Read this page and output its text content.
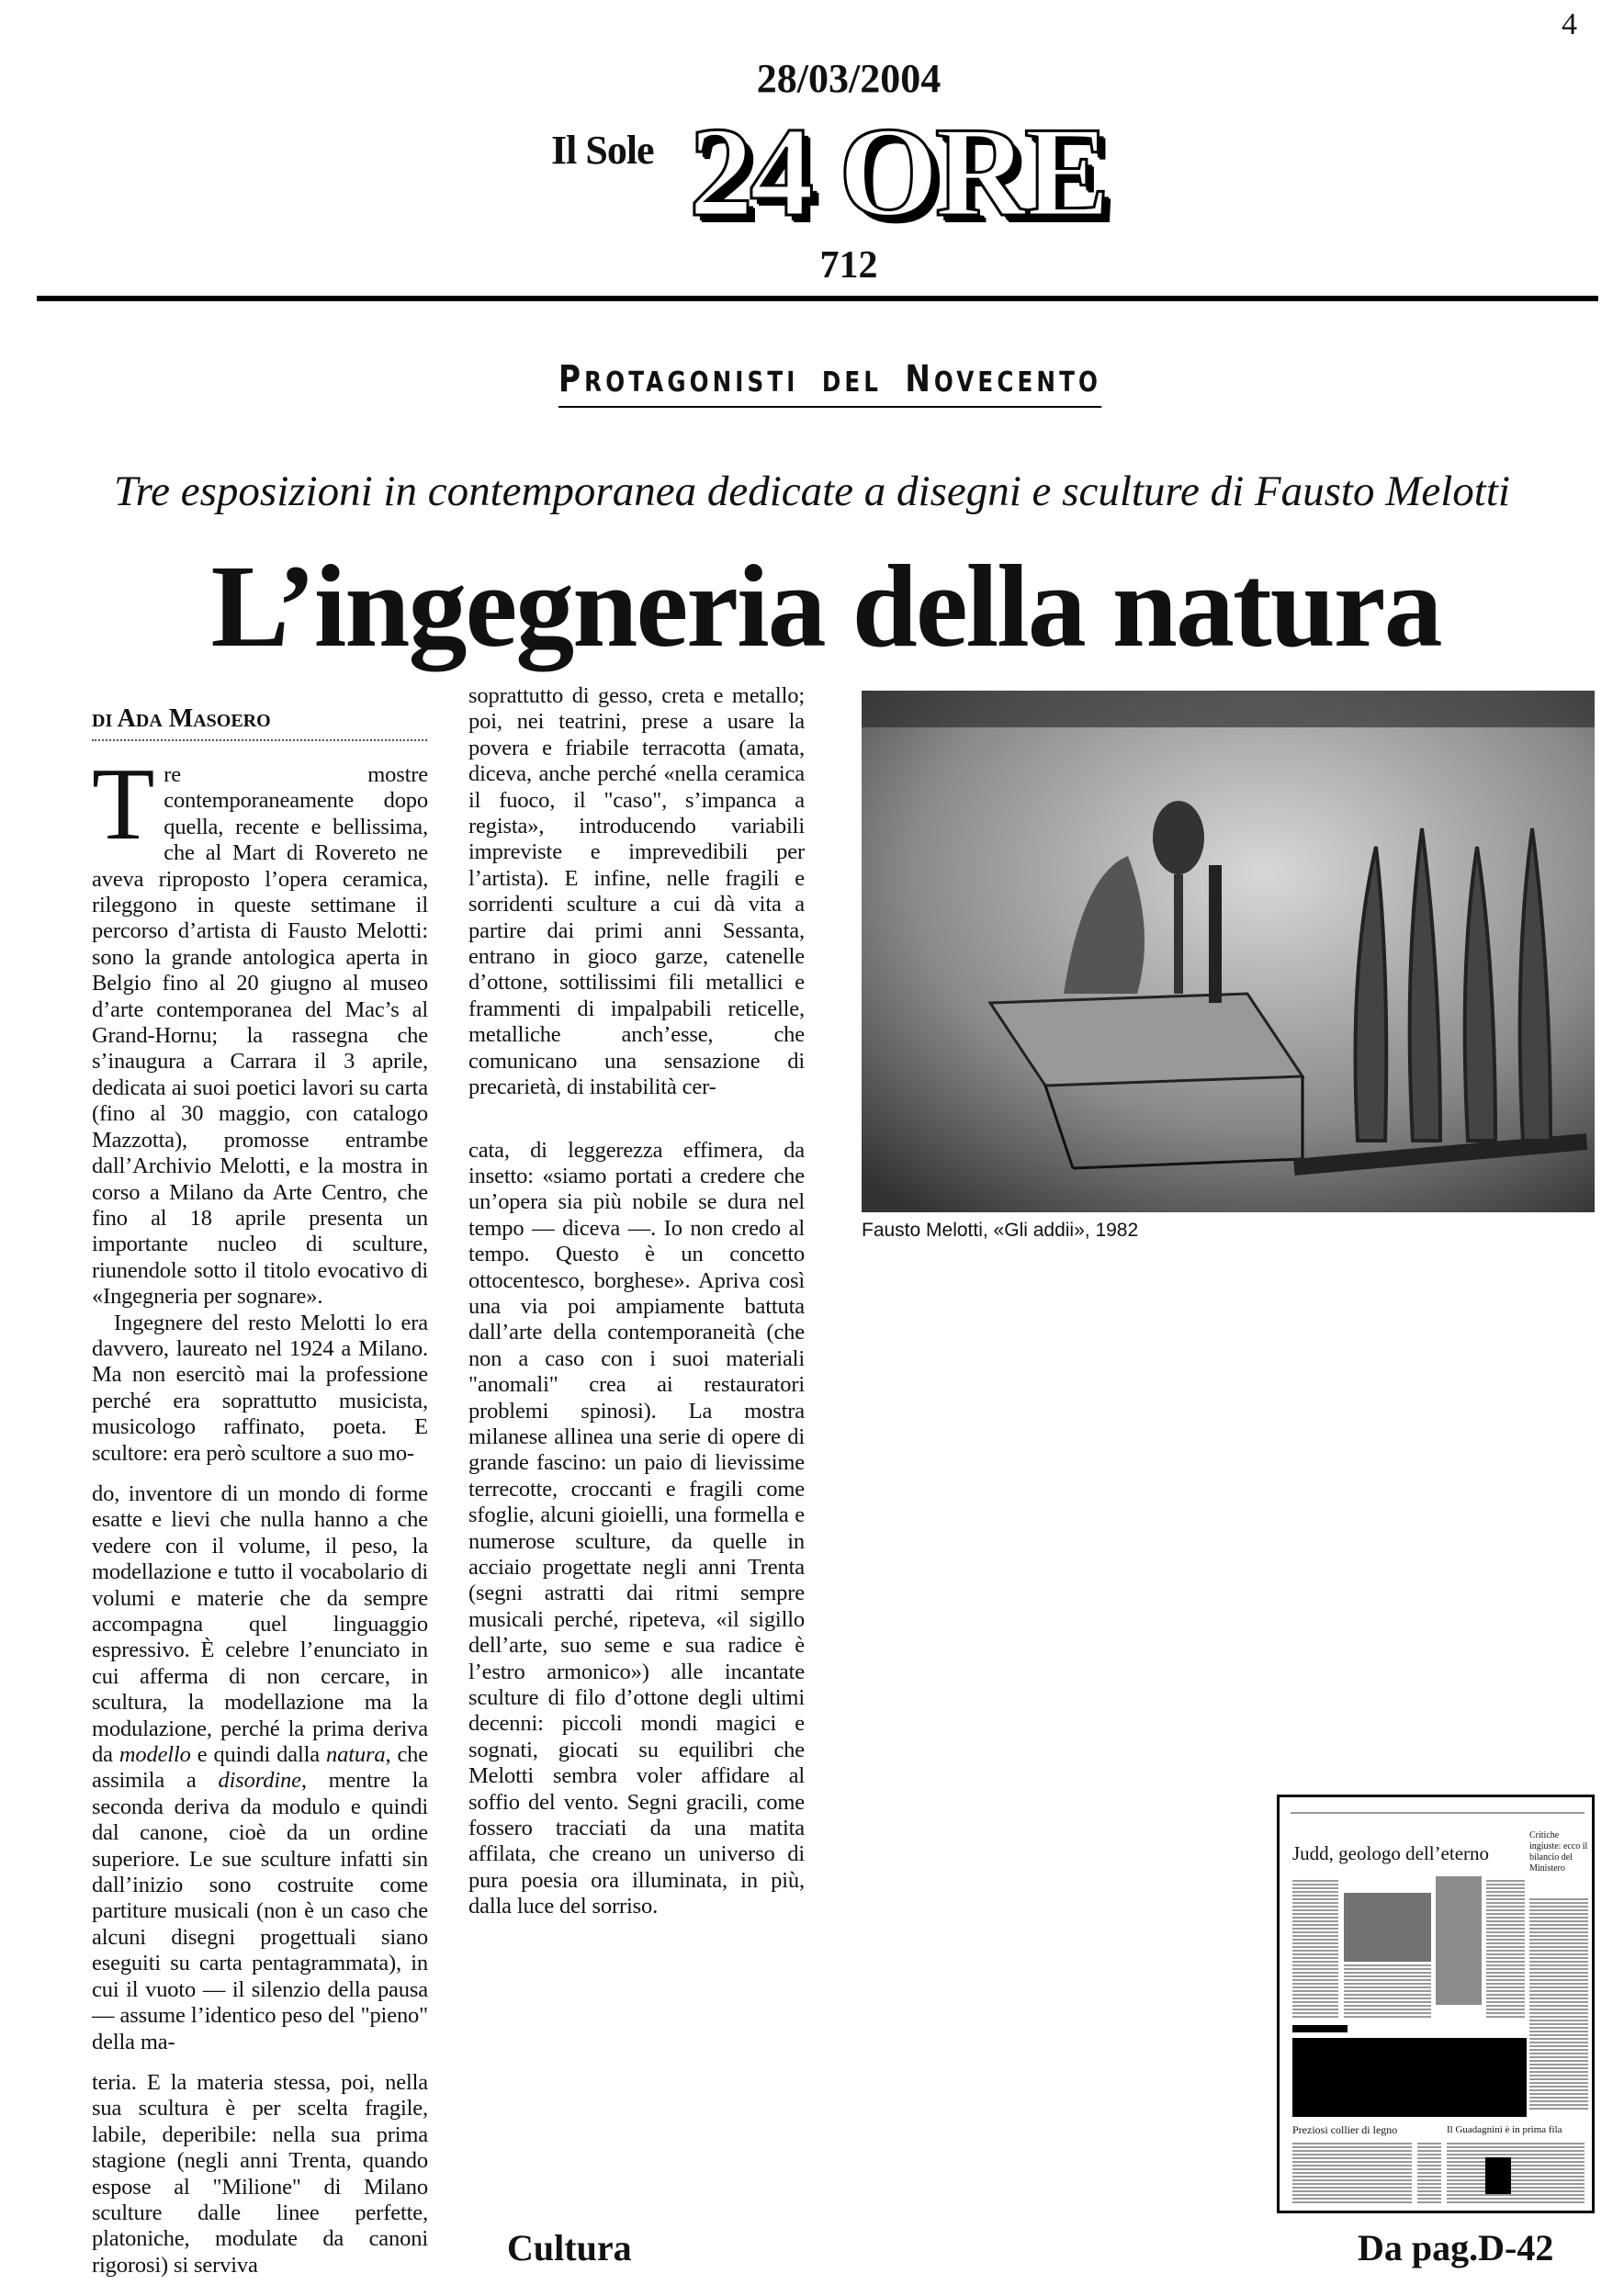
4
28/03/2004
Il Sole 24 ORE
712
PROTAGONISTI DEL NOVECENTO
Tre esposizioni in contemporanea dedicate a disegni e sculture di Fausto Melotti
L’ingegneria della natura
di Ada Masoero

Tre mostre contemporaneamente dopo quella, recente e bellissima, che al Mart di Rovereto ne aveva riproposto l’opera ceramica, rileggono in queste settimane il percorso d’artista di Fausto Melotti: sono la grande antologica aperta in Belgio fino al 20 giugno al museo d’arte contemporanea del Mac’s al Grand-Hornu; la rassegna che s’inaugura a Carrara il 3 aprile, dedicata ai suoi poetici lavori su carta (fino al 30 maggio, con catalogo Mazzotta), promosse entrambe dall’Archivio Melotti, e la mostra in corso a Milano da Arte Centro, che fino al 18 aprile presenta un importante nucleo di sculture, riunendole sotto il titolo evocativo di «Ingegneria per sognare».

Ingegnere del resto Melotti lo era davvero, laureato nel 1924 a Milano. Ma non esercitò mai la professione perché era soprattutto musicista, musicologo raffinato, poeta. E scultore: era però scultore a suo mo-

do, inventore di un mondo di forme esatte e lievi che nulla hanno a che vedere con il volume, il peso, la modellazione e tutto il vocabolario di volumi e materie che da sempre accompagna quel linguaggio espressivo. È celebre l’enunciato in cui afferma di non cercare, in scultura, la modellazione ma la modulazione, perché la prima deriva da modello e quindi dalla natura, che assimila a disordine, mentre la seconda deriva da modulo e quindi dal canone, cioè da un ordine superiore. Le sue sculture infatti sin dall’inizio sono costruite come partiture musicali (non è un caso che alcuni disegni progettuali siano eseguiti su carta pentagrammata), in cui il vuoto — il silenzio della pausa — assume l’identico peso del "pieno" della ma-

teria. E la materia stessa, poi, nella sua scultura è per scelta fragile, labile, deperibile: nella sua prima stagione (negli anni Trenta, quando espose al "Milione" di Milano sculture dalle linee perfette, platoniche, modulate da canoni rigorosi) si serviva

soprattutto di gesso, creta e metallo; poi, nei teatrini, prese a usare la povera e friabile terracotta (amata, diceva, anche perché «nella ceramica il fuoco, il "caso", s’impanca a regista», introducendo variabili impreviste e imprevedibili per l’artista). E infine, nelle fragili e sorridenti sculture a cui dà vita a partire dai primi anni Sessanta, entrano in gioco garze, catenelle d’ottone, sottilissimi fili metallici e frammenti di impalpabili reticelle, metalliche anch’esse, che comunicano una sensazione di precarietà, di instabilità cer-

cata, di leggerezza effimera, da insetto: «siamo portati a credere che un’opera sia più nobile se dura nel tempo — diceva —. Io non credo al tempo. Questo è un concetto ottocentesco, borghese». Apriva così una via poi ampiamente battuta dall’arte della contemporaneità (che non a caso con i suoi materiali "anomali" crea ai restauratori problemi spinosi). La mostra milanese allinea una serie di opere di grande fascino: un paio di lievissime terrecotte, croccanti e fragili come sfoglie, alcuni gioielli, una formella e numerose sculture, da quelle in acciaio progettate negli anni Trenta (segni astratti dai ritmi sempre musicali perché, ripeteva, «il sigillo dell’arte, suo seme e sua radice è l’estro armonico») alle incantate sculture di filo d’ottone degli ultimi decenni: piccoli mondi magici e sognati, giocati su equilibri che Melotti sembra voler affidare al soffio del vento. Segni gracili, come fossero tracciati da una matita affilata, che creano un universo di pura poesia ora illuminata, in più, dalla luce del sorriso.

Fausto Melotti, «Gli addii», 1982
Judd, geologo dell’eterno
Critiche ingiuste: ecco il bilancio del Ministero
Preziosi collier di legno	Il Guadagnini è in prima fila
Cultura	Da pag.D-42
